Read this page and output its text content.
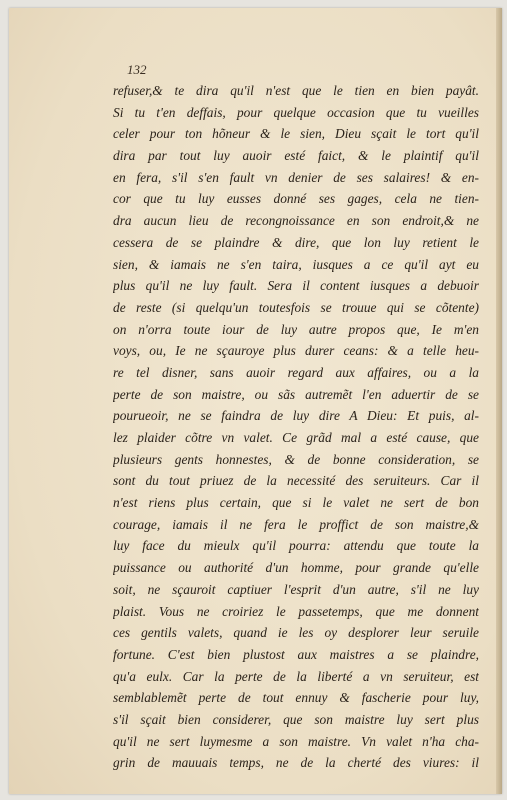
132
refuser,& te dira qu'il n'est que le tien en bien payât.
Si tu t'en deffais, pour quelque occasion que tu vueilles
celer pour ton hõneur & le sien, Dieu sçait le tort qu'il
dira par tout luy auoir esté faict, & le plaintif qu'il
en fera, s'il s'en fault vn denier de ses salaires! & en-
cor que tu luy eusses donné ses gages, cela ne tien-
dra aucun lieu de recongnoissance en son endroit,& ne
cessera de se plaindre & dire, que lon luy retient le
sien, & iamais ne s'en taira, iusques a ce qu'il ayt eu
plus qu'il ne luy fault. Sera il content iusques a debuoir
de reste (si quelqu'un toutesfois se trouue qui se cõtente)
on n'orra toute iour de luy autre propos que, Ie m'en
voys, ou, Ie ne sçauroye plus durer ceans: & a telle heu-
re tel disner, sans auoir regard aux affaires, ou a la
perte de son maistre, ou sãs autremẽt l'en aduertir de se
pourueoir, ne se faindra de luy dire A Dieu: Et puis, al-
lez plaider cõtre vn valet. Ce grãd mal a esté cause, que
plusieurs gents honnestes, & de bonne consideration, se
sont du tout priuez de la necessité des seruiteurs. Car il
n'est riens plus certain, que si le valet ne sert de bon
courage, iamais il ne fera le proffict de son maistre,&
luy face du mieulx qu'il pourra: attendu que toute la
puissance ou authorité d'un homme, pour grande qu'elle
soit, ne sçauroit captiuer l'esprit d'un autre, s'il ne luy
plaist. Vous ne croiriez le passetemps, que me donnent
ces gentils valets, quand ie les oy desplorer leur seruile
fortune. C'est bien plustost aux maistres a se plaindre,
qu'a eulx. Car la perte de la liberté a vn seruiteur, est
semblablemẽt perte de tout ennuy & fascherie pour luy,
s'il sçait bien considerer, que son maistre luy sert plus
qu'il ne sert luymesme a son maistre. Vn valet n'ha cha-
grin de mauuais temps, ne de la cherté des viures: il
